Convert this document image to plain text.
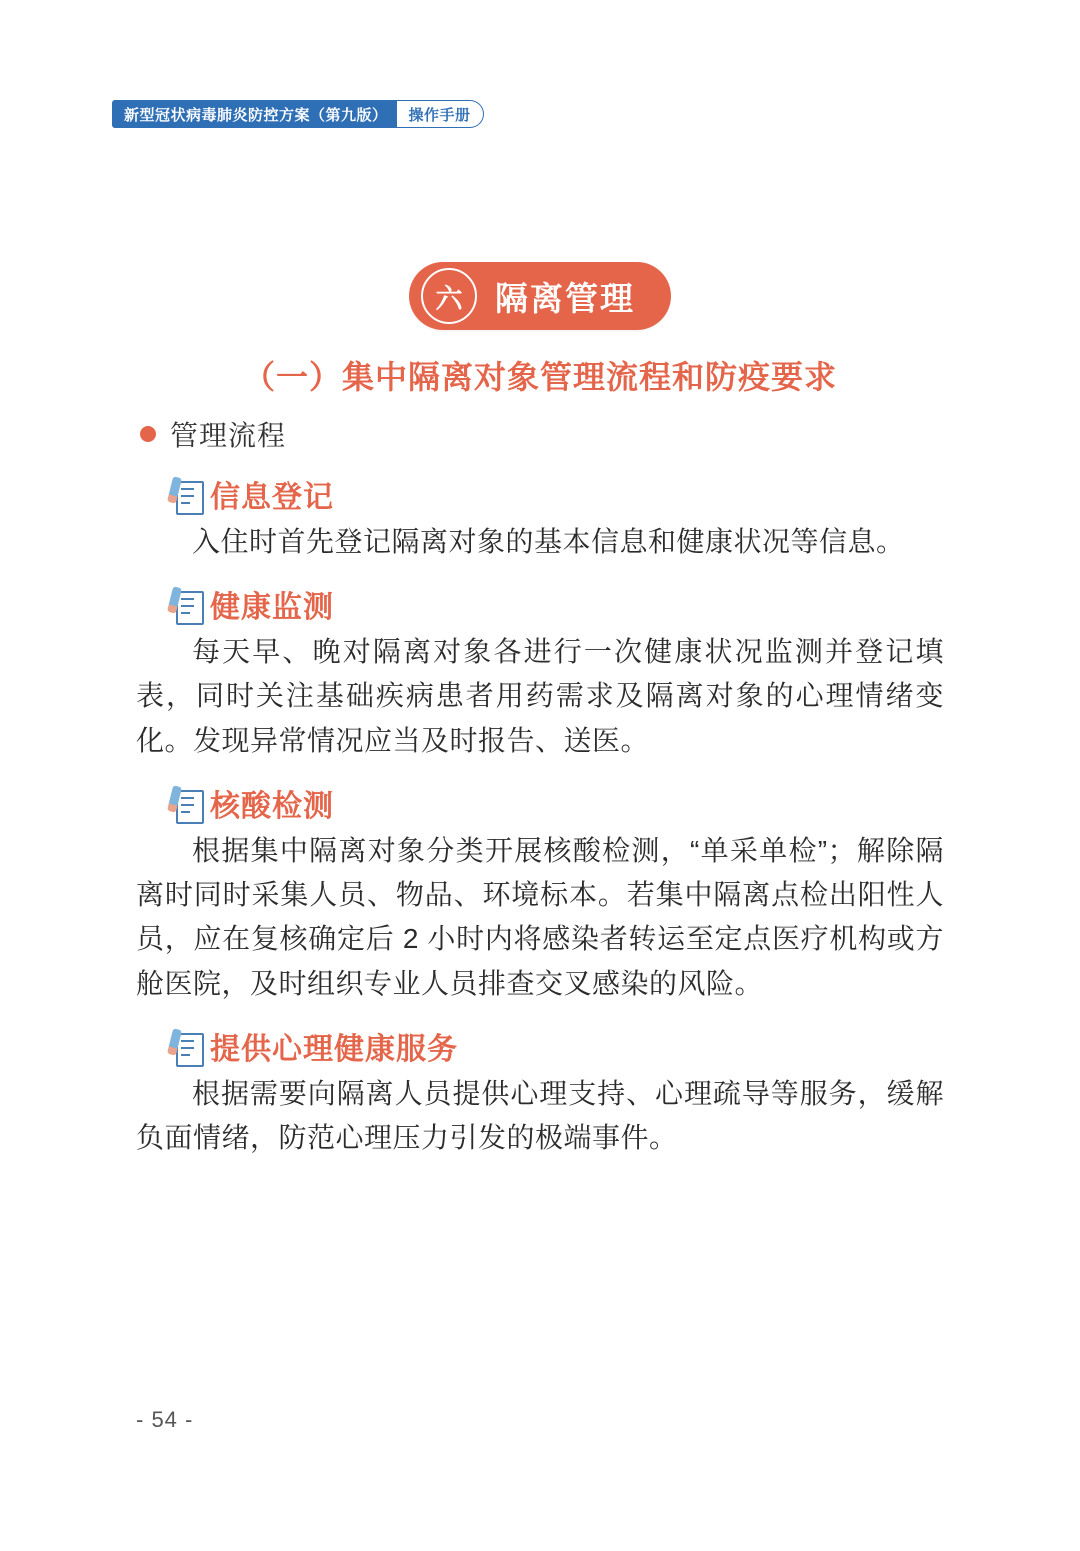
新型冠状病毒肺炎防控方案（第九版）	操作手册
六 隔离管理
（一）集中隔离对象管理流程和防疫要求
管理流程
信息登记
入住时首先登记隔离对象的基本信息和健康状况等信息。
健康监测
每天早、晚对隔离对象各进行一次健康状况监测并登记填表，同时关注基础疾病患者用药需求及隔离对象的心理情绪变化。发现异常情况应当及时报告、送医。
核酸检测
根据集中隔离对象分类开展核酸检测，“单采单检”；解除隔离时同时采集人员、物品、环境标本。若集中隔离点检出阳性人员，应在复核确定后 2 小时内将感染者转运至定点医疗机构或方舱医院，及时组织专业人员排查交叉感染的风险。
提供心理健康服务
根据需要向隔离人员提供心理支持、心理疏导等服务，缓解负面情绪，防范心理压力引发的极端事件。
- 54 -
